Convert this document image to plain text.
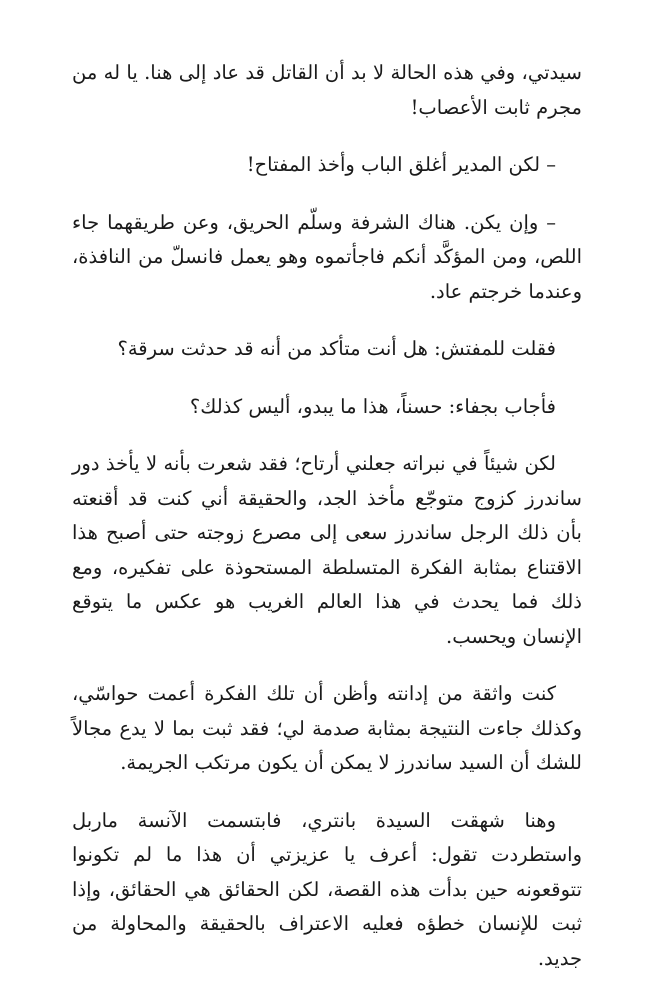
سيدتي، وفي هذه الحالة لا بد أن القاتل قد عاد إلى هنا. يا له من مجرم ثابت الأعصاب!

– لكن المدير أغلق الباب وأخذ المفتاح!

– وإن يكن. هناك الشرفة وسلّم الحريق، وعن طريقهما جاء اللص، ومن المؤكَّد أنكم فاجأتموه وهو يعمل فانسلّ من النافذة، وعندما خرجتم عاد.

فقلت للمفتش: هل أنت متأكد من أنه قد حدثت سرقة؟

فأجاب بجفاء: حسناً، هذا ما يبدو، أليس كذلك؟

لكن شيئاً في نبراته جعلني أرتاح؛ فقد شعرت بأنه لا يأخذ دور ساندرز كزوج متوجّع مأخذ الجد، والحقيقة أني كنت قد أقنعته بأن ذلك الرجل ساندرز سعى إلى مصرع زوجته حتى أصبح هذا الاقتناع بمثابة الفكرة المتسلطة المستحوذة على تفكيره، ومع ذلك فما يحدث في هذا العالم الغريب هو عكس ما يتوقع الإنسان ويحسب.

كنت واثقة من إدانته وأظن أن تلك الفكرة أعمت حواسّي، وكذلك جاءت النتيجة بمثابة صدمة لي؛ فقد ثبت بما لا يدع مجالاً للشك أن السيد ساندرز لا يمكن أن يكون مرتكب الجريمة.

وهنا شهقت السيدة بانتري، فابتسمت الآنسة ماربل واستطردت تقول: أعرف يا عزيزتي أن هذا ما لم تكونوا تتوقعونه حين بدأت هذه القصة، لكن الحقائق هي الحقائق، وإذا ثبت للإنسان خطؤه فعليه الاعتراف بالحقيقة والمحاولة من جديد.
